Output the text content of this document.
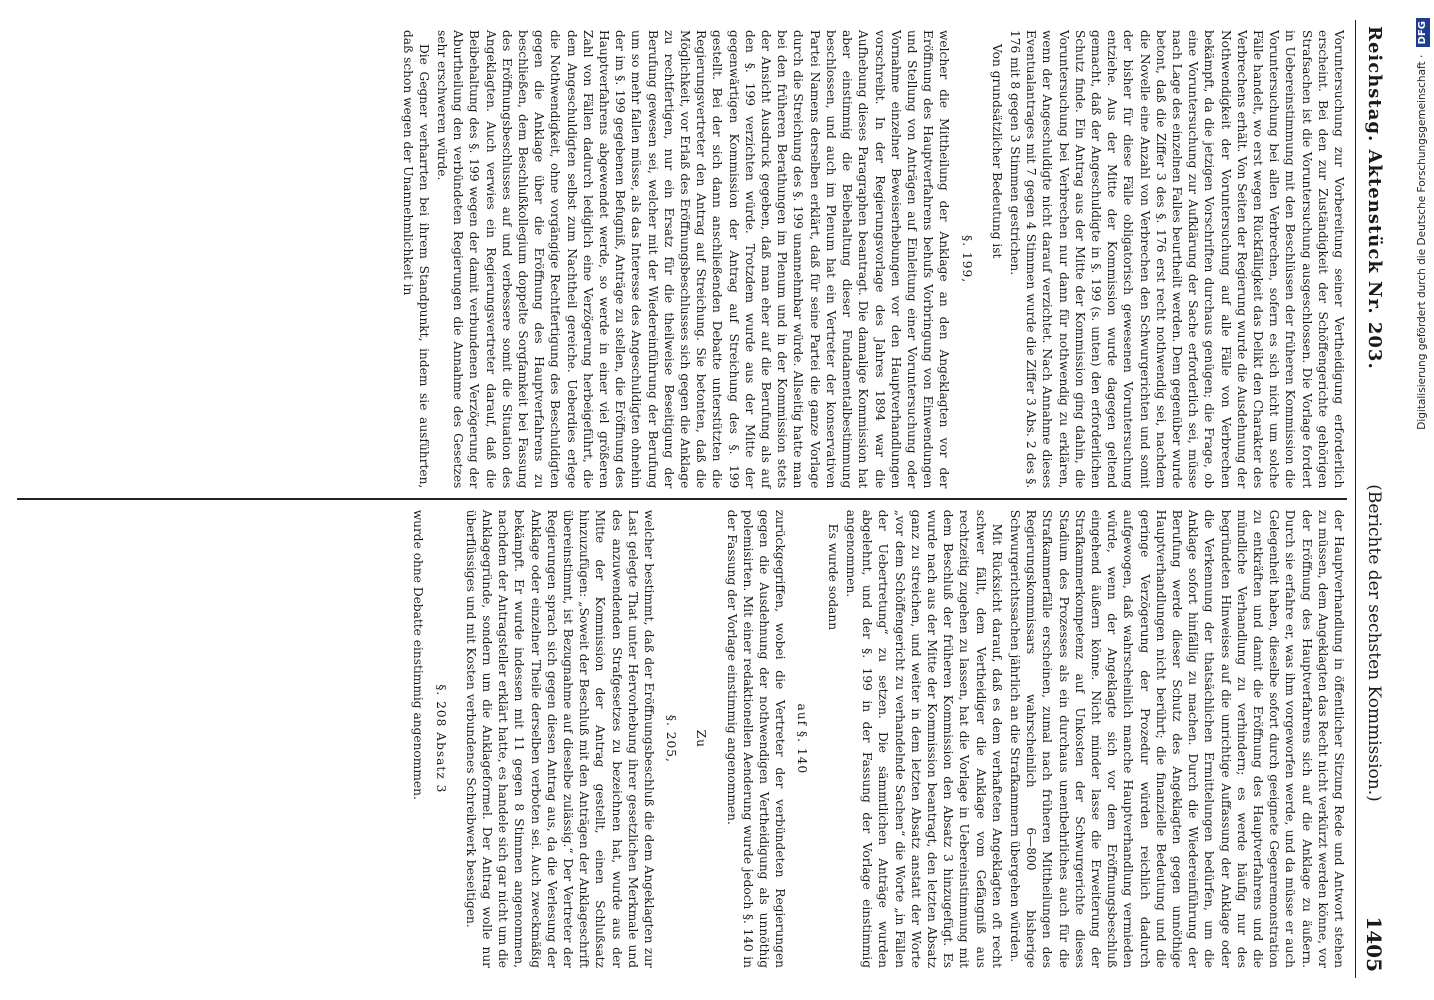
Reichstag. Aktenstück Nr. 203.
(Berichte der sechsten Kommission.)
1405

Voruntersuchung zur Vorbereitung seiner Vertheidigung erforderlich erscheint. Bei den zur Zuständigkeit der Schöffengerichte gehörigen Strafsachen ist die Voruntersuchung ausgeschlossen. Die Vorlage fordert in Uebereinstimmung mit den Beschlüssen der früheren Kommission die Voruntersuchung bei allen Verbrechen, sofern es sich nicht um solche Fälle handelt, wo erst wegen Rückfälligkeit das Delikt den Charakter des Verbrechens erhält. Von Seiten der Regierung wurde die Ausdehnung der Nothwendigkeit der Voruntersuchung auf alle Fälle von Verbrechen bekämpft, da die jetzigen Vorschriften durchaus genügen; die Frage, ob eine Voruntersuchung zur Aufklärung der Sache erforderlich sei, müsse nach Lage des einzelnen Falles beurtheilt werden. Dem gegenüber wurde betont, daß die Ziffer 3 des §. 176 erst recht nothwendig sei, nachdem die Novelle eine Anzahl von Verbrechen den Schwurgerichten und somit der bisher für diese Fälle obligatorisch gewesenen Voruntersuchung entziehe. Aus der Mitte der Kommission wurde dagegen geltend gemacht, daß der Angeschuldigte in §. 199 (s. unten) den erforderlichen Schutz finde. Ein Antrag aus der Mitte der Kommission ging dahin, die Voruntersuchung bei Verbrechen nur dann für nothwendig zu erklären, wenn der Angeschuldigte nicht darauf verzichtet. Nach Annahme dieses Eventualantrages mit 7 gegen 4 Stimmen wurde die Ziffer 3 Abs. 2 des §. 176 mit 8 gegen 3 Stimmen gestrichen.

Von grundsätzlicher Bedeutung ist

§. 199,

welcher die Mittheilung der Anklage an den Angeklagten vor der Eröffnung des Hauptverfahrens behufs Vorbringung von Einwendungen und Stellung von Anträgen auf Einleitung einer Voruntersuchung oder Vornahme einzelner Beweiserhebungen vor den Hauptverhandlungen vorschreibt. In der Regierungsvorlage des Jahres 1894 war die Aufhebung dieses Paragraphen beantragt. Die damalige Kommission hat aber einstimmig die Beibehaltung dieser Fundamentalbestimmung beschlossen, und auch im Plenum hat ein Vertreter der konservativen Partei Namens derselben erklärt, daß für seine Partei die ganze Vorlage durch die Streichung des §. 199 unannehmbar würde. Allseitig hatte man bei den früheren Berathungen im Plenum und in der Kommission stets der Ansicht Ausdruck gegeben, daß man eher auf die Berufung als auf den §. 199 verzichten würde. Trotzdem wurde aus der Mitte der gegenwärtigen Kommission der Antrag auf Streichung des §. 199 gestellt. Bei der sich dann anschließenden Debatte unterstützten die Regierungsvertreter den Antrag auf Streichung. Sie betonten, daß die Möglichkeit, vor Erlaß des Eröffnungsbeschlusses sich gegen die Anklage zu rechtfertigen, nur ein Ersatz für die theilweise Beseitigung der Berufung gewesen sei, welcher mit der Wiedereinführung der Berufung um so mehr fallen müsse, als das Interesse des Angeschuldigten ohnehin der im §. 199 gegebenen Befugniß, Anträge zu stellen, die Eröffnung des Hauptverfahrens abgewendet werde, so werde in einer viel größeren Zahl von Fällen dadurch lediglich eine Verzögerung herbeigeführt, die dem Angeschuldigten selbst zum Nachtheil gereiche. Ueberdies erlege die Nothwendigkeit, ohne vorgängige Rechtfertigung des Beschuldigten gegen die Anklage über die Eröffnung des Hauptverfahrens zu beschließen, dem Beschlußkollegium doppelte Sorgfamkeit bei Fassung des Eröffnungsbeschlusses auf und verbessere somit die Situation des Angeklagten. Auch verwies ein Regierungsvertreter darauf, daß die Beibehaltung des §. 199 wegen der damit verbundenen Verzögerung der Aburtheilung den verbündeten Regierungen die Annahme des Gesetzes sehr erschweren würde.

Die Gegner verharrten bei ihrem Standpunkt, indem sie ausführten, daß schon wegen der Unannehmlichkeit in

der Hauptverhandlung in öffentlicher Sitzung Rede und Antwort stehen zu müssen, dem Angeklagten das Recht nicht verkürzt werden könne, vor der Eröffnung des Hauptverfahrens sich auf die Anklage zu äußern. Durch sie erfahre er, was ihm vorgeworfen werde, und da müsse er auch Gelegenheit haben, dieselbe sofort durch geeignete Gegenremonstration zu entkräften und damit die Eröffnung des Hauptverfahrens und die mündliche Verhandlung zu verhindern; es werde häufig nur des begründeten Hinweises auf die unrichtige Auffassung der Anklage oder die Verkennung der thatsächlichen Ermittelungen bedürfen, um die Anklage sofort hinfällig zu machen. Durch die Wiedereinführung der Berufung werde dieser Schutz des Angeklagten gegen unnöthige Hauptverhandlungen nicht berührt; die finanzielle Bedeutung und die geringe Verzögerung der Prozedur würden reichlich dadurch aufgewogen, daß wahrscheinlich manche Hauptverhandlung vermieden würde, wenn der Angeklagte sich vor dem Eröffnungsbeschluß eingehend äußern könne. Nicht minder lasse die Erweiterung der Strafkammerkompetenz auf Unkosten der Schwurgerichte dieses Stadium des Prozesses als ein durchaus unentbehrliches auch für die Strafkammerfälle erscheinen, zumal nach früheren Mittheilungen des Regierungskommissars wahrscheinlich 6—800 bisherige Schwurgerichtssachen jährlich an die Strafkammern übergehen würden.

Mit Rücksicht darauf, daß es dem verhafteten Angeklagten oft recht schwer fällt, dem Vertheidiger die Anklage vom Gefängniß aus rechtzeitig zugehen zu lassen, hat die Vorlage in Uebereinstimmung mit dem Beschluß der früheren Kommission den Absatz 3 hinzugefügt. Es wurde nach aus der Mitte der Kommission beantragt, den letzten Absatz ganz zu streichen, und weiter in dem letzten Absatz anstatt der Worte „vor dem Schöffengericht zu verhandelnde Sachen“ die Worte „in Fällen der Uebertretung“ zu setzen. Die sämmtlichen Anträge wurden abgelehnt, und der §. 199 in der Fassung der Vorlage einstimmig angenommen.

Es wurde sodann

auf §. 140

zurückgegriffen, wobei die Vertreter der verbündeten Regierungen gegen die Ausdehnung der nothwendigen Vertheidigung als unnöthig polemisirten. Mit einer redaktionellen Aenderung wurde jedoch §. 140 in der Fassung der Vorlage einstimmig angenommen.

Zu
§. 205,

welcher bestimmt, daß der Eröffnungsbeschluß die dem Angeklagten zur Last gelegte That unter Hervorhebung ihrer gesetzlichen Merkmale und des anzuwendenden Strafgesetzes zu bezeichnen hat, wurde aus der Mitte der Kommission der Antrag gestellt, einen Schlußsatz hinzuzufügen: „Soweit der Beschluß mit den Anträgen der Anklageschrift übereinstimmt, ist Bezugnahme auf dieselbe zulässig.“ Der Vertreter der Regierungen sprach sich gegen diesen Antrag aus, da die Verlesung der Anklage oder einzelner Theile derselben verboten sei. Auch zweckmäßig bekämpft. Er wurde indessen mit 11 gegen 8 Stimmen angenommen, nachdem der Antragsteller erklärt hatte, es handele sich gar nicht um die Anklagegründe, sondern um die Anklageformel. Der Antrag wolle nur überflüssiges und mit Kosten verbundenes Schreibwerk beseitigen.

§. 208 Absatz 3

wurde ohne Debatte einstimmig angenommen.

Digitalisierung gefördert durch die Deutsche Forschungsgemeinschaft · DFG
